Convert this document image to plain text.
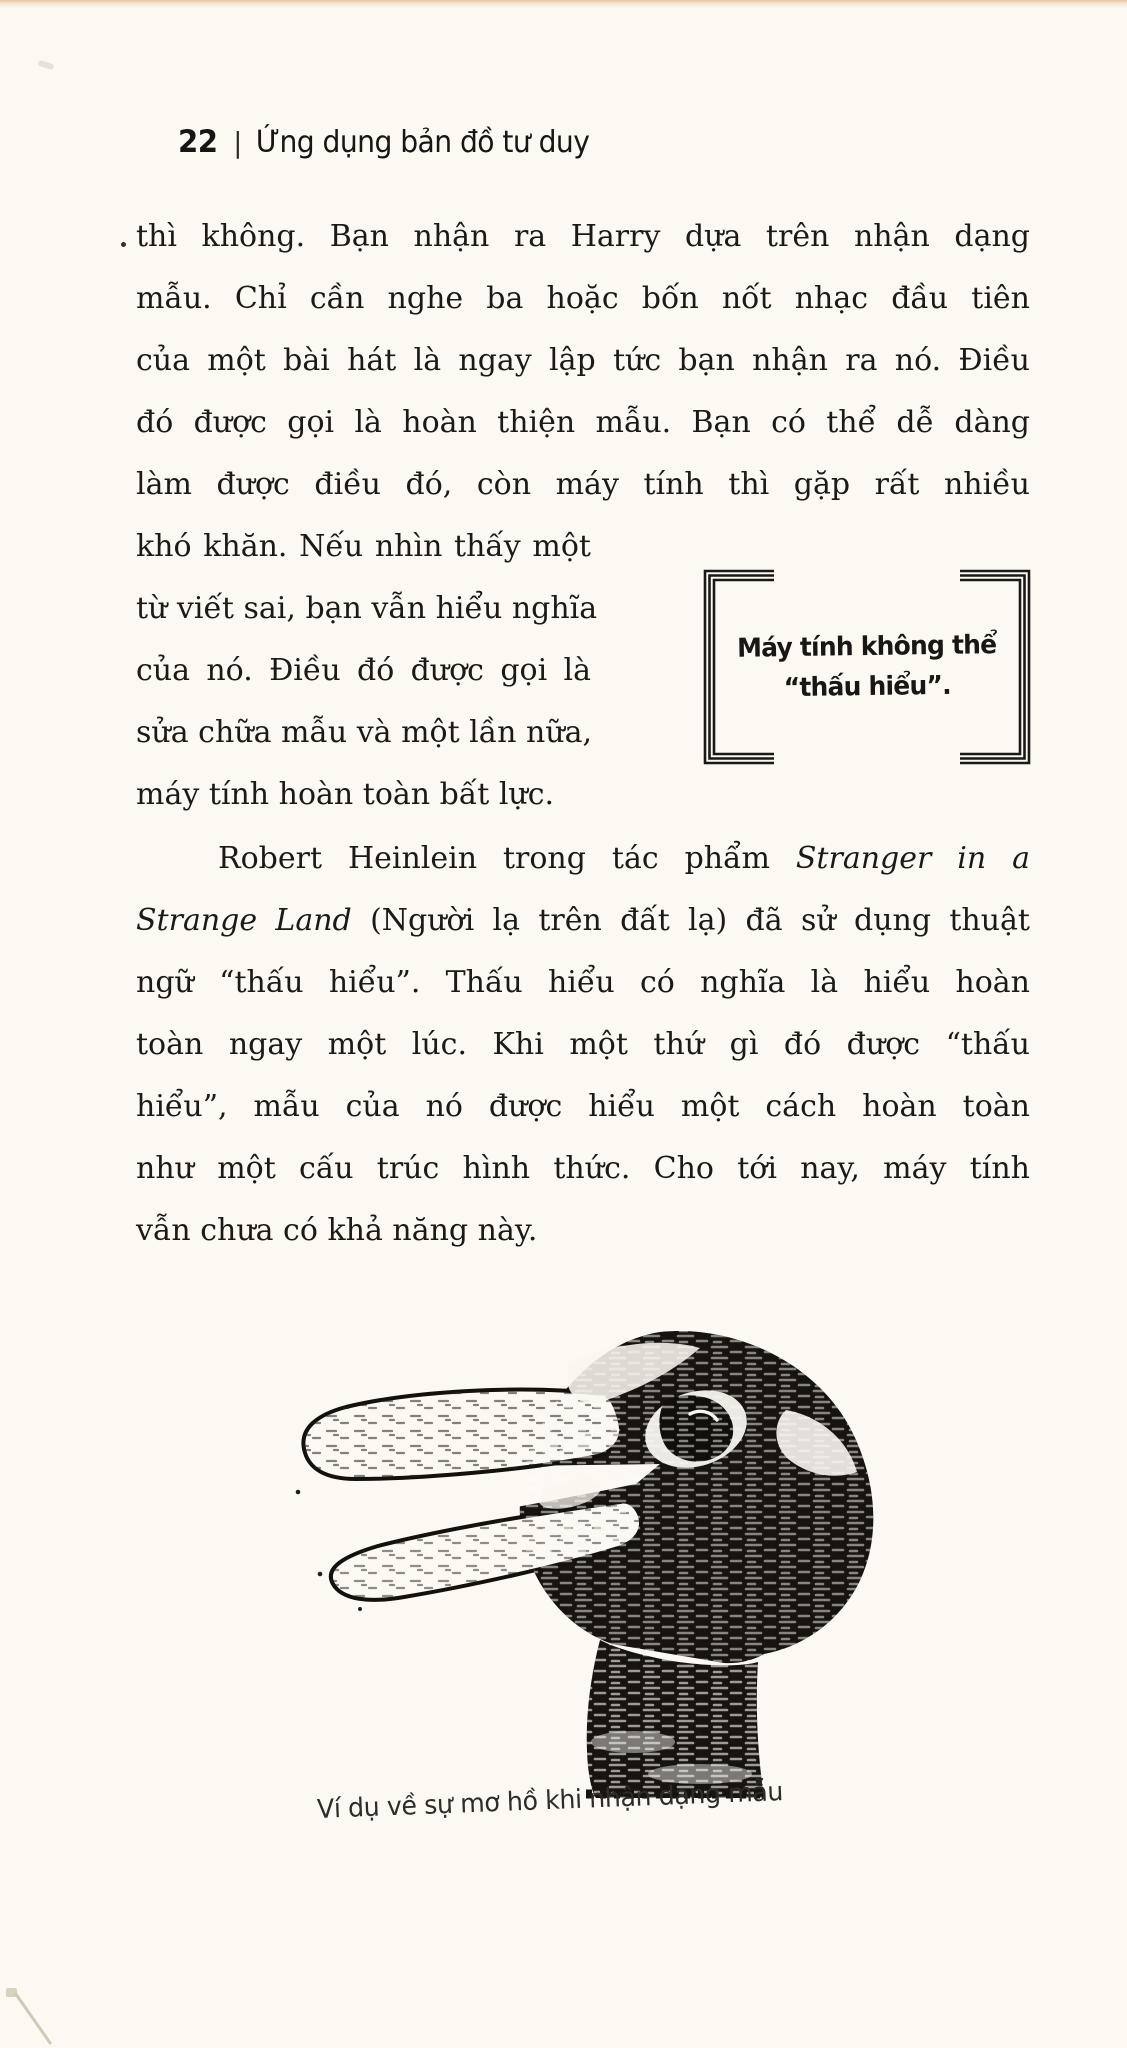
22 | Ứng dụng bản đồ tư duy
thì không. Bạn nhận ra Harry dựa trên nhận dạng
mẫu. Chỉ cần nghe ba hoặc bốn nốt nhạc đầu tiên
của một bài hát là ngay lập tức bạn nhận ra nó. Điều
đó được gọi là hoàn thiện mẫu. Bạn có thể dễ dàng
làm được điều đó, còn máy tính thì gặp rất nhiều
khó khăn. Nếu nhìn thấy một
từ viết sai, bạn vẫn hiểu nghĩa
của nó. Điều đó được gọi là
sửa chữa mẫu và một lần nữa,
máy tính hoàn toàn bất lực.
Máy tính không thể
“thấu hiểu”.
Robert Heinlein trong tác phẩm Stranger in a
Strange Land (Người lạ trên đất lạ) đã sử dụng thuật
ngữ “thấu hiểu”. Thấu hiểu có nghĩa là hiểu hoàn
toàn ngay một lúc. Khi một thứ gì đó được “thấu
hiểu”, mẫu của nó được hiểu một cách hoàn toàn
như một cấu trúc hình thức. Cho tới nay, máy tính
vẫn chưa có khả năng này.
Ví dụ về sự mơ hồ khi nhận dạng mẫu
